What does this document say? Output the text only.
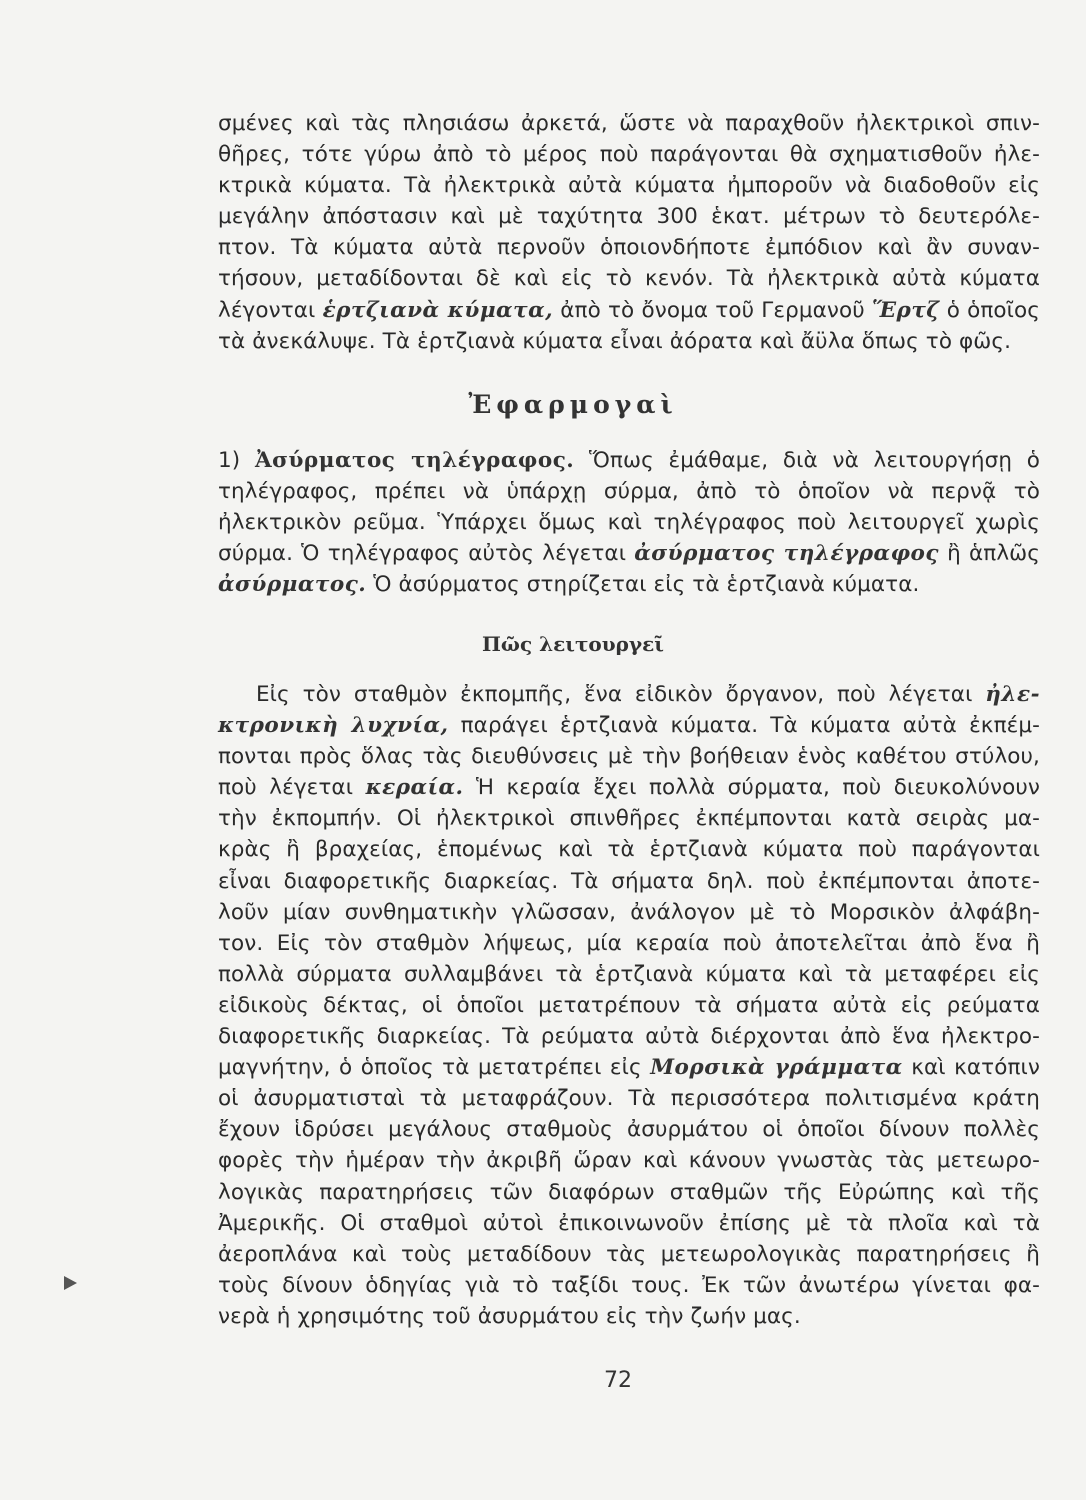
σμένες καὶ τὰς πλησιάσω ἀρκετά, ὥστε νὰ παραχθοῦν ἠλεκτρικοὶ σπιν-
θῆρες, τότε γύρω ἀπὸ τὸ μέρος ποὺ παράγονται θὰ σχηματισθοῦν ἠλε-
κτρικὰ κύματα. Τὰ ἠλεκτρικὰ αὐτὰ κύματα ἠμποροῦν νὰ διαδοθοῦν εἰς
μεγάλην ἀπόστασιν καὶ μὲ ταχύτητα 300 ἑκατ. μέτρων τὸ δευτερόλε-
πτον. Τὰ κύματα αὐτὰ περνοῦν ὁποιονδήποτε ἐμπόδιον καὶ ἂν συναν-
τήσουν, μεταδίδονται δὲ καὶ εἰς τὸ κενόν. Τὰ ἠλεκτρικὰ αὐτὰ κύματα
λέγονται ἑρτζιανὰ κύματα, ἀπὸ τὸ ὄνομα τοῦ Γερμανοῦ Ἕρτζ ὁ ὁποῖος
τὰ ἀνεκάλυψε. Τὰ ἑρτζιανὰ κύματα εἶναι ἀόρατα καὶ ἄϋλα ὅπως τὸ φῶς.
Ἐφαρμογαὶ
1) Ἀσύρματος τηλέγραφος. Ὅπως ἐμάθαμε, διὰ νὰ λειτουργήσῃ ὁ
τηλέγραφος, πρέπει νὰ ὑπάρχῃ σύρμα, ἀπὸ τὸ ὁποῖον νὰ περνᾷ τὸ
ἠλεκτρικὸν ρεῦμα. Ὑπάρχει ὅμως καὶ τηλέγραφος ποὺ λειτουργεῖ χωρὶς
σύρμα. Ὁ τηλέγραφος αὐτὸς λέγεται ἀσύρματος τηλέγραφος ἢ ἁπλῶς
ἀσύρματος. Ὁ ἀσύρματος στηρίζεται εἰς τὰ ἑρτζιανὰ κύματα.
Πῶς λειτουργεῖ
Εἰς τὸν σταθμὸν ἐκπομπῆς, ἕνα εἰδικὸν ὄργανον, ποὺ λέγεται ἠλε-
κτρονικὴ λυχνία, παράγει ἑρτζιανὰ κύματα. Τὰ κύματα αὐτὰ ἐκπέμ-
πονται πρὸς ὅλας τὰς διευθύνσεις μὲ τὴν βοήθειαν ἑνὸς καθέτου στύλου,
ποὺ λέγεται κεραία. Ἡ κεραία ἔχει πολλὰ σύρματα, ποὺ διευκολύνουν
τὴν ἐκπομπήν. Οἱ ἠλεκτρικοὶ σπινθῆρες ἐκπέμπονται κατὰ σειρὰς μα-
κρὰς ἢ βραχείας, ἑπομένως καὶ τὰ ἑρτζιανὰ κύματα ποὺ παράγονται
εἶναι διαφορετικῆς διαρκείας. Τὰ σήματα δηλ. ποὺ ἐκπέμπονται ἀποτε-
λοῦν μίαν συνθηματικὴν γλῶσσαν, ἀνάλογον μὲ τὸ Μορσικὸν ἀλφάβη-
τον. Εἰς τὸν σταθμὸν λήψεως, μία κεραία ποὺ ἀποτελεῖται ἀπὸ ἕνα ἢ
πολλὰ σύρματα συλλαμβάνει τὰ ἑρτζιανὰ κύματα καὶ τὰ μεταφέρει εἰς
εἰδικοὺς δέκτας, οἱ ὁποῖοι μετατρέπουν τὰ σήματα αὐτὰ εἰς ρεύματα
διαφορετικῆς διαρκείας. Τὰ ρεύματα αὐτὰ διέρχονται ἀπὸ ἕνα ἠλεκτρο-
μαγνήτην, ὁ ὁποῖος τὰ μετατρέπει εἰς Μορσικὰ γράμματα καὶ κατόπιν
οἱ ἀσυρματισταὶ τὰ μεταφράζουν. Τὰ περισσότερα πολιτισμένα κράτη
ἔχουν ἱδρύσει μεγάλους σταθμοὺς ἀσυρμάτου οἱ ὁποῖοι δίνουν πολλὲς
φορὲς τὴν ἡμέραν τὴν ἀκριβῆ ὥραν καὶ κάνουν γνωστὰς τὰς μετεωρο-
λογικὰς παρατηρήσεις τῶν διαφόρων σταθμῶν τῆς Εὐρώπης καὶ τῆς
Ἀμερικῆς. Οἱ σταθμοὶ αὐτοὶ ἐπικοινωνοῦν ἐπίσης μὲ τὰ πλοῖα καὶ τὰ
ἀεροπλάνα καὶ τοὺς μεταδίδουν τὰς μετεωρολογικὰς παρατηρήσεις ἢ
τοὺς δίνουν ὁδηγίας γιὰ τὸ ταξίδι τους. Ἐκ τῶν ἀνωτέρω γίνεται φα-
νερὰ ἡ χρησιμότης τοῦ ἀσυρμάτου εἰς τὴν ζωήν μας.
72
